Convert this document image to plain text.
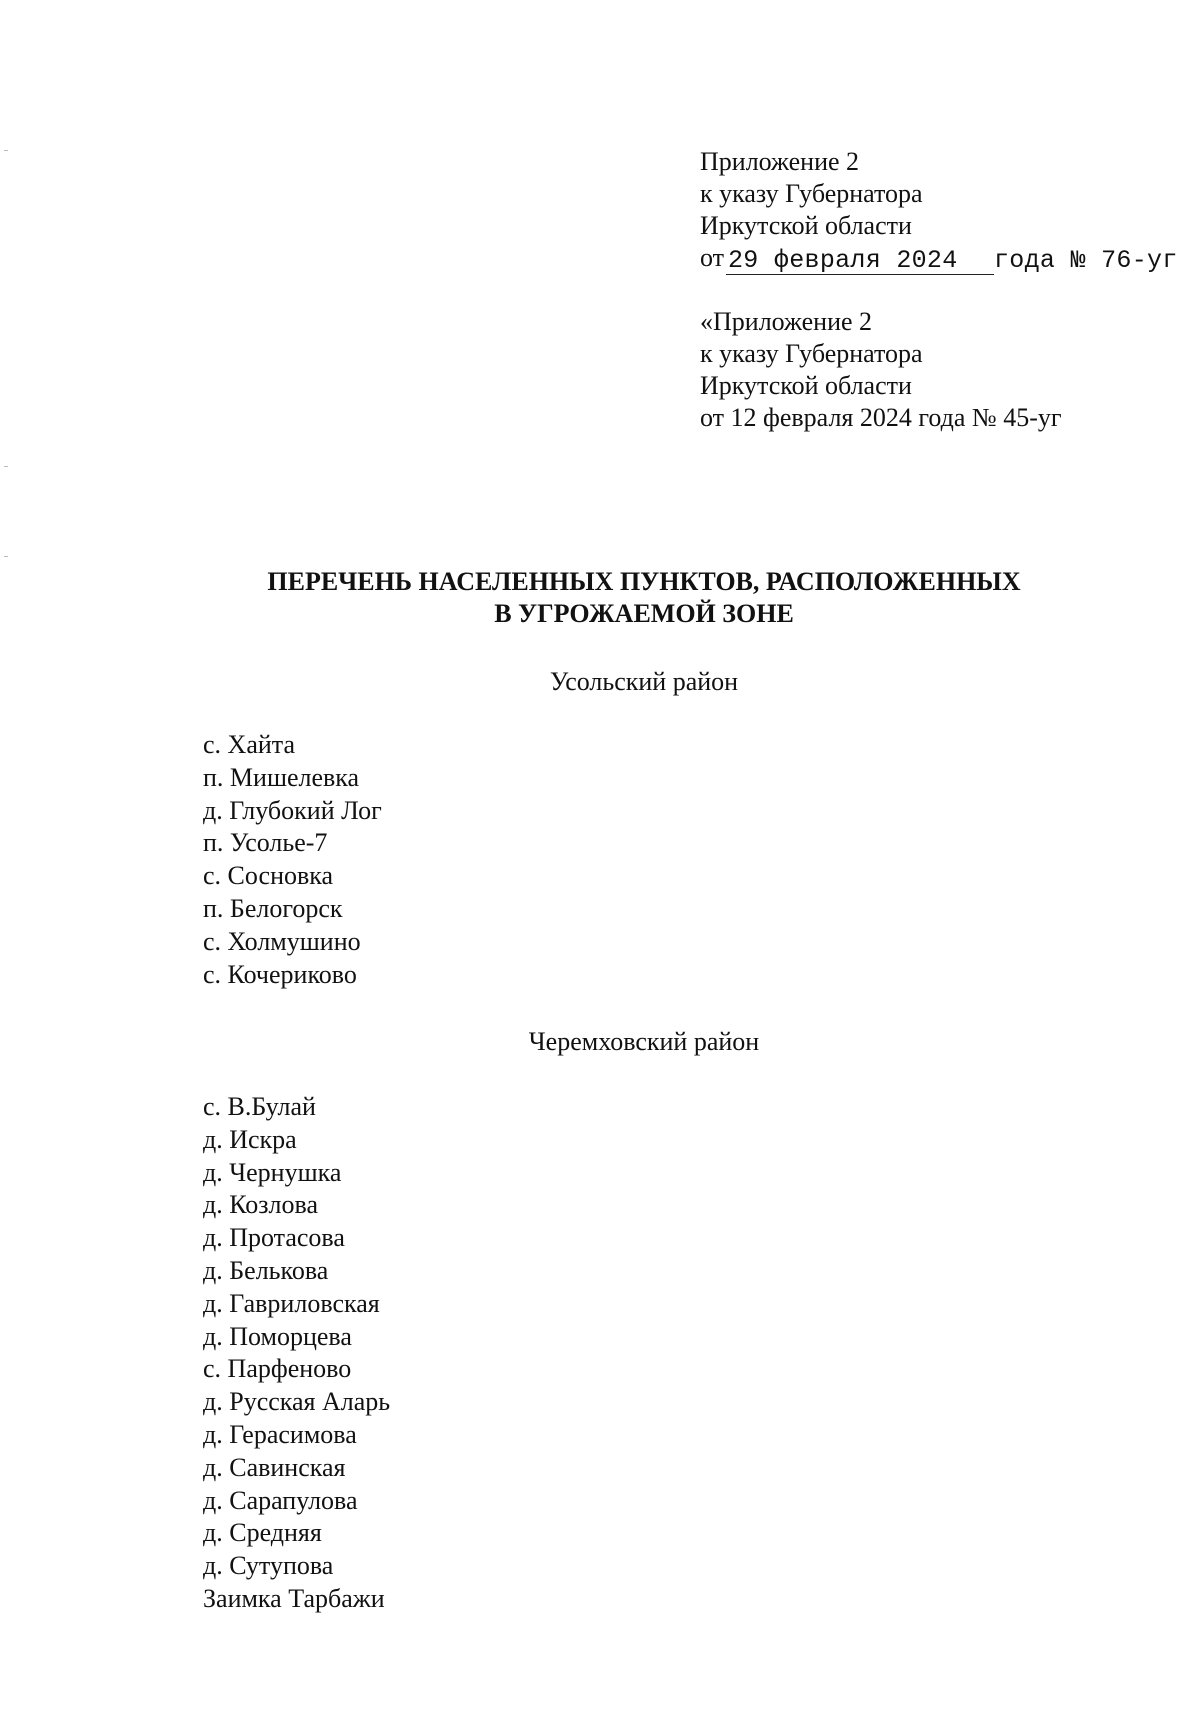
Приложение 2
к указу Губернатора
Иркутской области
от 29 февраля 2024 года № 76-уг
«Приложение 2
к указу Губернатора
Иркутской области
от 12 февраля 2024 года № 45-уг
ПЕРЕЧЕНЬ НАСЕЛЕННЫХ ПУНКТОВ, РАСПОЛОЖЕННЫХ
В УГРОЖАЕМОЙ ЗОНЕ
Усольский район
с. Хайта
п. Мишелевка
д. Глубокий Лог
п. Усолье-7
с. Сосновка
п. Белогорск
с. Холмушино
с. Кочериково
Черемховский район
с. В.Булай
д. Искра
д. Чернушка
д. Козлова
д. Протасова
д. Белькова
д. Гавриловская
д. Поморцева
с. Парфеново
д. Русская Аларь
д. Герасимова
д. Савинская
д. Сарапулова
д. Средняя
д. Сутупова
Заимка Тарбажи
